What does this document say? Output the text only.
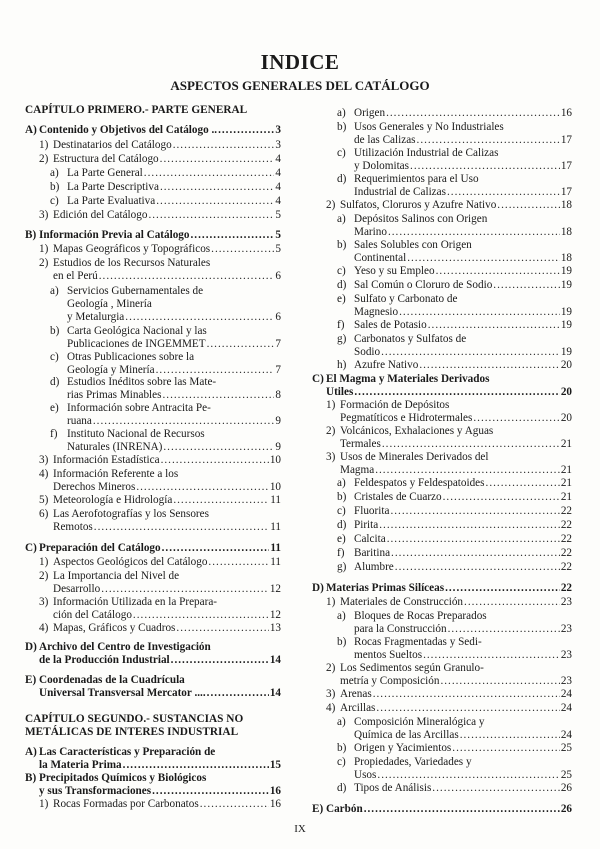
INDICE
ASPECTOS GENERALES DEL CATÁLOGO
CAPÍTULO PRIMERO.- PARTE GENERAL
A) Contenido y Objetivos del Catálogo .. .....	3
1) Destinatarios del Catálogo .....	3
2) Estructura del Catálogo .....	4
a) La Parte General .....	4
b) La Parte Descriptiva .....	4
c) La Parte Evaluativa .....	4
3) Edición del Catálogo .....	5
B) Información Previa al Catálogo .....	5
1) Mapas Geográficos y Topográficos .....	5
2) Estudios de los Recursos Naturales
en el Perú .....	6
a) Servicios Gubernamentales de
Geología , Minería
y Metalurgia .....	6
b) Carta Geológica Nacional y las
Publicaciones de INGEMMET .....	7
c) Otras Publicaciones sobre la
Geología y Minería .....	7
d) Estudios Inéditos sobre las Mate-
rias Primas Minables .....	8
e) Información sobre Antracita Pe-
ruana .....	9
f) Instituto Nacional de Recursos
Naturales (INRENA) .....	9
3) Información Estadística .....	10
4) Información Referente a los
Derechos Mineros .....	10
5) Meteorología e Hidrología .....	11
6) Las Aerofotografías y los Sensores
Remotos .....	11
C) Preparación del Catálogo .....	11
1) Aspectos Geológicos del Catálogo .....	11
2) La Importancia del Nivel de
Desarrollo .....	12
3) Información Utilizada en la Prepara-
ción del Catálogo .....	12
4) Mapas, Gráficos y Cuadros .....	13
D) Archivo del Centro de Investigación
de la Producción Industrial .....	14
E) Coordenadas de la Cuadrícula
Universal Transversal Mercator .... .....	14
CAPÍTULO SEGUNDO.- SUSTANCIAS NO
METÁLICAS DE INTERES INDUSTRIAL
A) Las Características y Preparación de
la Materia Prima .....	15
B) Precipitados Químicos y Biológicos
y sus Transformaciones .....	16
1) Rocas Formadas por Carbonatos .....	16
a) Origen .....	16
b) Usos Generales y No Industriales
de las Calizas .....	17
c) Utilización Industrial de Calizas
y Dolomitas .....	17
d) Requerimientos para el Uso
Industrial de Calizas .....	17
2) Sulfatos, Cloruros y Azufre Nativo .....	18
a) Depósitos Salinos con Origen
Marino .....	18
b) Sales Solubles con Origen
Continental .....	18
c) Yeso y su Empleo .....	19
d) Sal Común o Cloruro de Sodio .....	19
e) Sulfato y Carbonato de
Magnesio .....	19
f) Sales de Potasio .....	19
g) Carbonatos y Sulfatos de
Sodio .....	19
h) Azufre Nativo .....	20
C) El Magma y Materiales Derivados
Utiles .....	20
1) Formación de Depósitos
Pegmatíticos e Hidrotermales .....	20
2) Volcánicos, Exhalaciones y Aguas
Termales .....	21
3) Usos de Minerales Derivados del
Magma .....	21
a) Feldespatos y Feldespatoides .....	21
b) Cristales de Cuarzo .....	21
c) Fluorita .....	22
d) Pirita .....	22
e) Calcita .....	22
f) Baritina .....	22
g) Alumbre .....	22
D) Materias Primas Silíceas .....	22
1) Materiales de Construcción .....	23
a) Bloques de Rocas Preparados
para la Construcción .....	23
b) Rocas Fragmentadas y Sedi-
mentos Sueltos .....	23
2) Los Sedimentos según Granulo-
metría y Composición .....	23
3) Arenas .....	24
4) Arcillas .....	24
a) Composición Mineralógica y
Química de las Arcillas .....	24
b) Origen y Yacimientos .....	25
c) Propiedades, Variedades y
Usos .....	25
d) Tipos de Análisis .....	26
E) Carbón .....	26
IX
